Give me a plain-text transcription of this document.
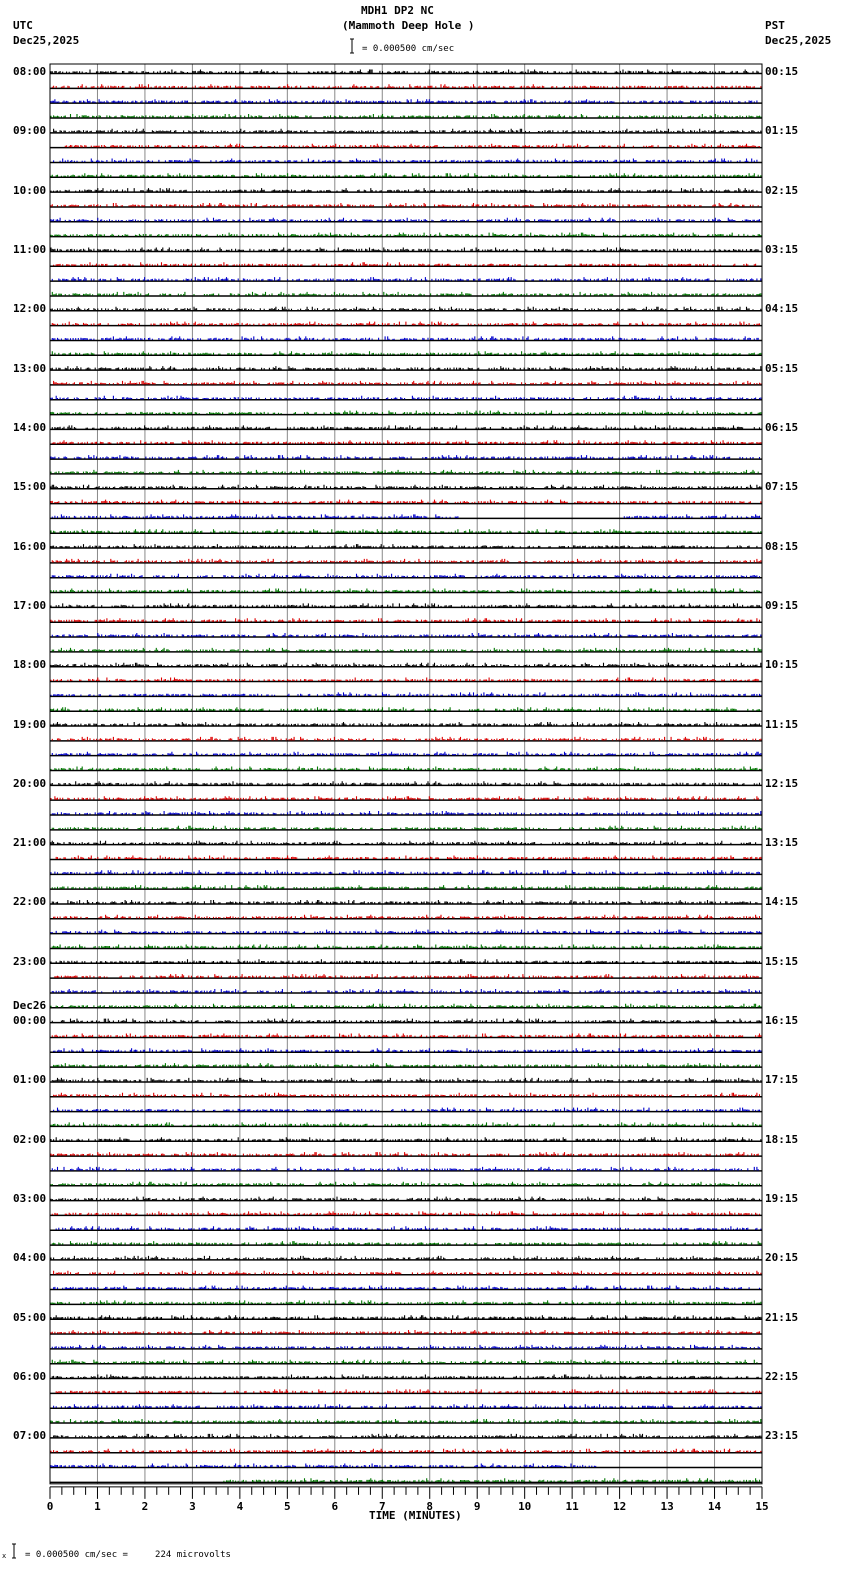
MDH1 DP2 NC
(Mammoth Deep Hole )
UTC
Dec25,2025
PST
Dec25,2025
= 0.000500 cm/sec
x = 0.000500 cm/sec =     224 microvolts
TIME (MINUTES)
0	1	2	3	4	5	6	7	8	9	10	11	12	13	14	15
08:00	00:15
09:00	01:15
10:00	02:15
11:00	03:15
12:00	04:15
13:00	05:15
14:00	06:15
15:00	07:15
16:00	08:15
17:00	09:15
18:00	10:15
19:00	11:15
20:00	12:15
21:00	13:15
22:00	14:15
23:00	15:15
00:00	16:15
Dec26
01:00	17:15
02:00	18:15
03:00	19:15
04:00	20:15
05:00	21:15
06:00	22:15
07:00	23:15
